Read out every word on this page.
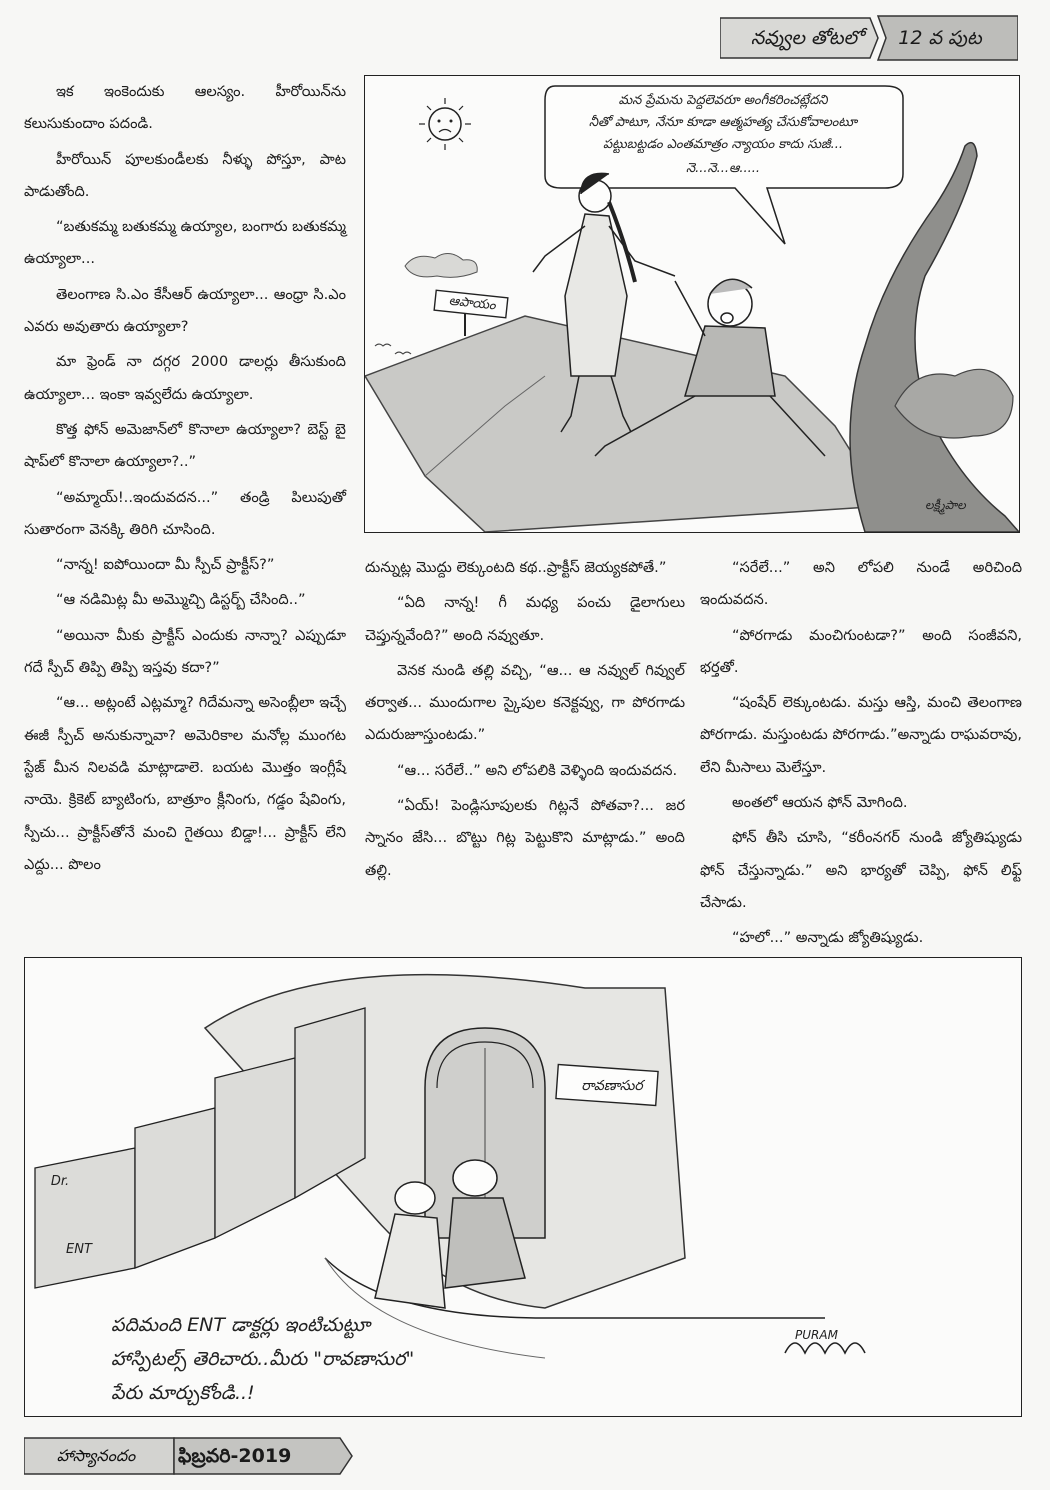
నవ్వుల తోటలో	12 వ పుట
మన ప్రేమను పెద్దలెవరూ అంగీకరించట్లేదని
నీతో పాటూ, నేనూ కూడా ఆత్మహత్య చేసుకోవాలంటూ
పట్టుబట్టడం ఎంతమాత్రం న్యాయం కాదు సుజీ...
నె...నె...ఆ.....
ఆపాయం
లక్ష్మీపాల

ఇక ఇంకెందుకు ఆలస్యం. హీరోయిన్‌ను కలుసుకుందాం పదండి.

హీరోయిన్ పూలకుండీలకు నీళ్ళు పోస్తూ, పాట పాడుతోంది.

“బతుకమ్మ బతుకమ్మ ఉయ్యాల, బంగారు బతుకమ్మ ఉయ్యాలా...

తెలంగాణ సి.ఎం కేసీఆర్ ఉయ్యాలా... ఆంధ్రా సి.ఎం ఎవరు అవుతారు ఉయ్యాలా?

మా ఫ్రెండ్ నా దగ్గర 2000 డాలర్లు తీసుకుంది ఉయ్యాలా... ఇంకా ఇవ్వలేదు ఉయ్యాలా.

కొత్త ఫోన్ అమెజాన్‌లో కొనాలా ఉయ్యాలా? బెస్ట్ బై షాప్‌లో కొనాలా ఉయ్యాలా?..”

“అమ్మాయ్!..ఇందువదన...” తండ్రి పిలుపుతో సుతారంగా వెనక్కి తిరిగి చూసింది.

“నాన్న! ఐపోయిందా మీ స్పీచ్ ప్రాక్టీస్?”

“ఆ నడిమిట్ల మీ అమ్మొచ్చి డిస్టర్బ్ చేసింది..”

“అయినా మీకు ప్రాక్టీస్ ఎందుకు నాన్నా? ఎప్పుడూ గదే స్పీచ్ తిప్పి తిప్పి ఇస్తవు కదా?”

“ఆ... అట్లంటే ఎట్లమ్మా? గిదేమన్నా అసెంబ్లీలా ఇచ్చే ఈజీ స్పీచ్ అనుకున్నావా? అమెరికాల మనోల్ల ముంగట స్టేజ్ మీన నిలవడి మాట్లాడాలె. బయట మొత్తం ఇంగ్లీషే నాయె. క్రికెట్ బ్యాటింగు, బాత్రూం క్లీనింగు, గడ్డం షేవింగు, స్పీచు... ప్రాక్టీస్‌తోనే మంచి గైతయి బిడ్డా!... ప్రాక్టీస్ లేని ఎద్దు... పొలం

దున్నుట్ల మొద్దు లెక్కుంటది కథ..ప్రాక్టీస్ జెయ్యకపోతే.”

“ఏది నాన్న! గీ మధ్య పంచు డైలాగులు చెప్తున్నవేంది?” అంది నవ్వుతూ.

వెనక నుండి తల్లి వచ్చి, “ఆ... ఆ నవ్వుల్ గివ్వుల్ తర్వాత... ముందుగాల స్కైపుల కనెక్టవ్వు, గా పోరగాడు ఎదురుజూస్తుంటడు.”

“ఆ... సరేలే..” అని లోపలికి వెళ్ళింది ఇందువదన.

“ఏయ్! పెండ్లిసూపులకు గిట్లనే పోతవా?... జర స్నానం జేసి... బొట్టు గిట్ల పెట్టుకొని మాట్లాడు.” అంది తల్లి.

“సరేలే...” అని లోపలి నుండే అరిచింది ఇందువదన.

“పోరగాడు మంచిగుంటడా?” అంది సంజీవని, భర్తతో.

“షంషేర్ లెక్కుంటడు. మస్తు ఆస్తి, మంచి తెలంగాణ పోరగాడు. మస్తుంటడు పోరగాడు.”అన్నాడు రాఘవరావు, లేని మీసాలు మెలేస్తూ.

అంతలో ఆయన ఫోన్ మోగింది.

ఫోన్ తీసి చూసి, “కరీంనగర్ నుండి జ్యోతిష్యుడు ఫోన్ చేస్తున్నాడు.” అని భార్యతో చెప్పి, ఫోన్ లిఫ్ట్ చేసాడు.

“హలో...” అన్నాడు జ్యోతిష్యుడు.

రావణాసుర
ENT
Dr.
పదిమంది ENT డాక్టర్లు ఇంటిచుట్టూ
హాస్పిటల్స్ తెరిచారు..మీరు "రావణాసుర"
పేరు మార్చుకోండి..!
PURAM
హాస్యానందం	ఫిబ్రవరి-2019
